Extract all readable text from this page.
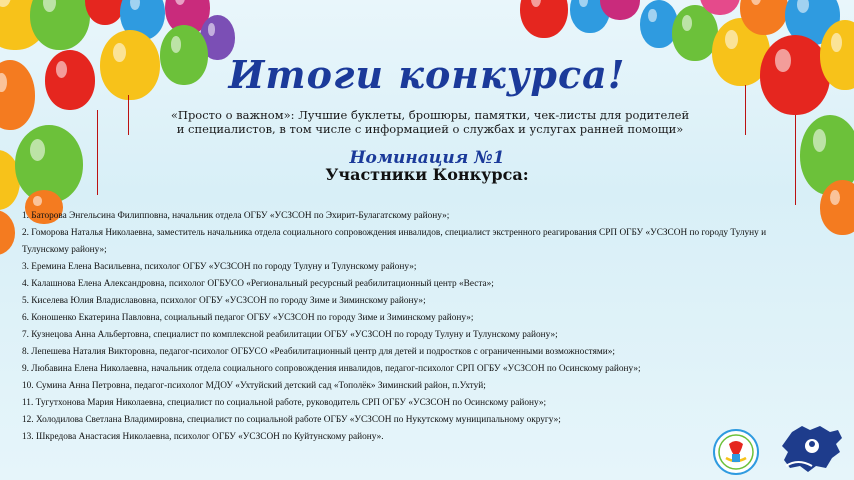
Итоги конкурса!
«Просто о важном»: Лучшие буклеты, брошюры, памятки, чек-листы для родителей
и специалистов, в том числе с информацией о службах и услугах ранней помощи»
Номинация №1
Участники Конкурса:
1. Баторова Энгельсина Филипповна, начальник отдела ОГБУ «УСЗСОН по Эхирит-Булагатскому району»;
2. Гоморова Наталья Николаевна, заместитель начальника отдела социального сопровождения инвалидов, специалист экстренного реагирования СРП ОГБУ «УСЗСОН по городу Тулуну и Тулунскому району»;
3. Еремина Елена Васильевна, психолог ОГБУ «УСЗСОН по городу Тулуну и Тулунскому району»;
4. Калашнова Елена Александровна, психолог ОГБУСО «Региональный ресурсный реабилитационный центр «Веста»;
5. Киселева Юлия Владиславовна, психолог ОГБУ «УСЗСОН по городу Зиме и Зиминскому району»;
6. Коношенко Екатерина Павловна, социальный педагог ОГБУ «УСЗСОН по городу Зиме и Зиминскому району»;
7. Кузнецова Анна Альбертовна, специалист по комплексной реабилитации ОГБУ «УСЗСОН по городу Тулуну и Тулунскому району»;
8. Лепешева Наталия Викторовна, педагог-психолог ОГБУСО «Реабилитационный центр для детей и подростков с ограниченными возможностями»;
9. Любавина Елена Николаевна, начальник отдела социального сопровождения инвалидов, педагог-психолог СРП ОГБУ «УСЗСОН по Осинскому району»;
10. Сумина Анна Петровна, педагог-психолог МДОУ «Ухтуйский детский сад «Тополёк» Зиминский район, п.Ухтуй;
11. Тугутхонова Мария Николаевна, специалист по социальной работе, руководитель СРП ОГБУ «УСЗСОН по Осинскому району»;
12. Холодилова Светлана Владимировна, специалист по социальной работе ОГБУ «УСЗСОН по Нукутскому муниципальному округу»;
13. Шкредова Анастасия Николаевна, психолог ОГБУ «УСЗСОН по Куйтунскому району».
